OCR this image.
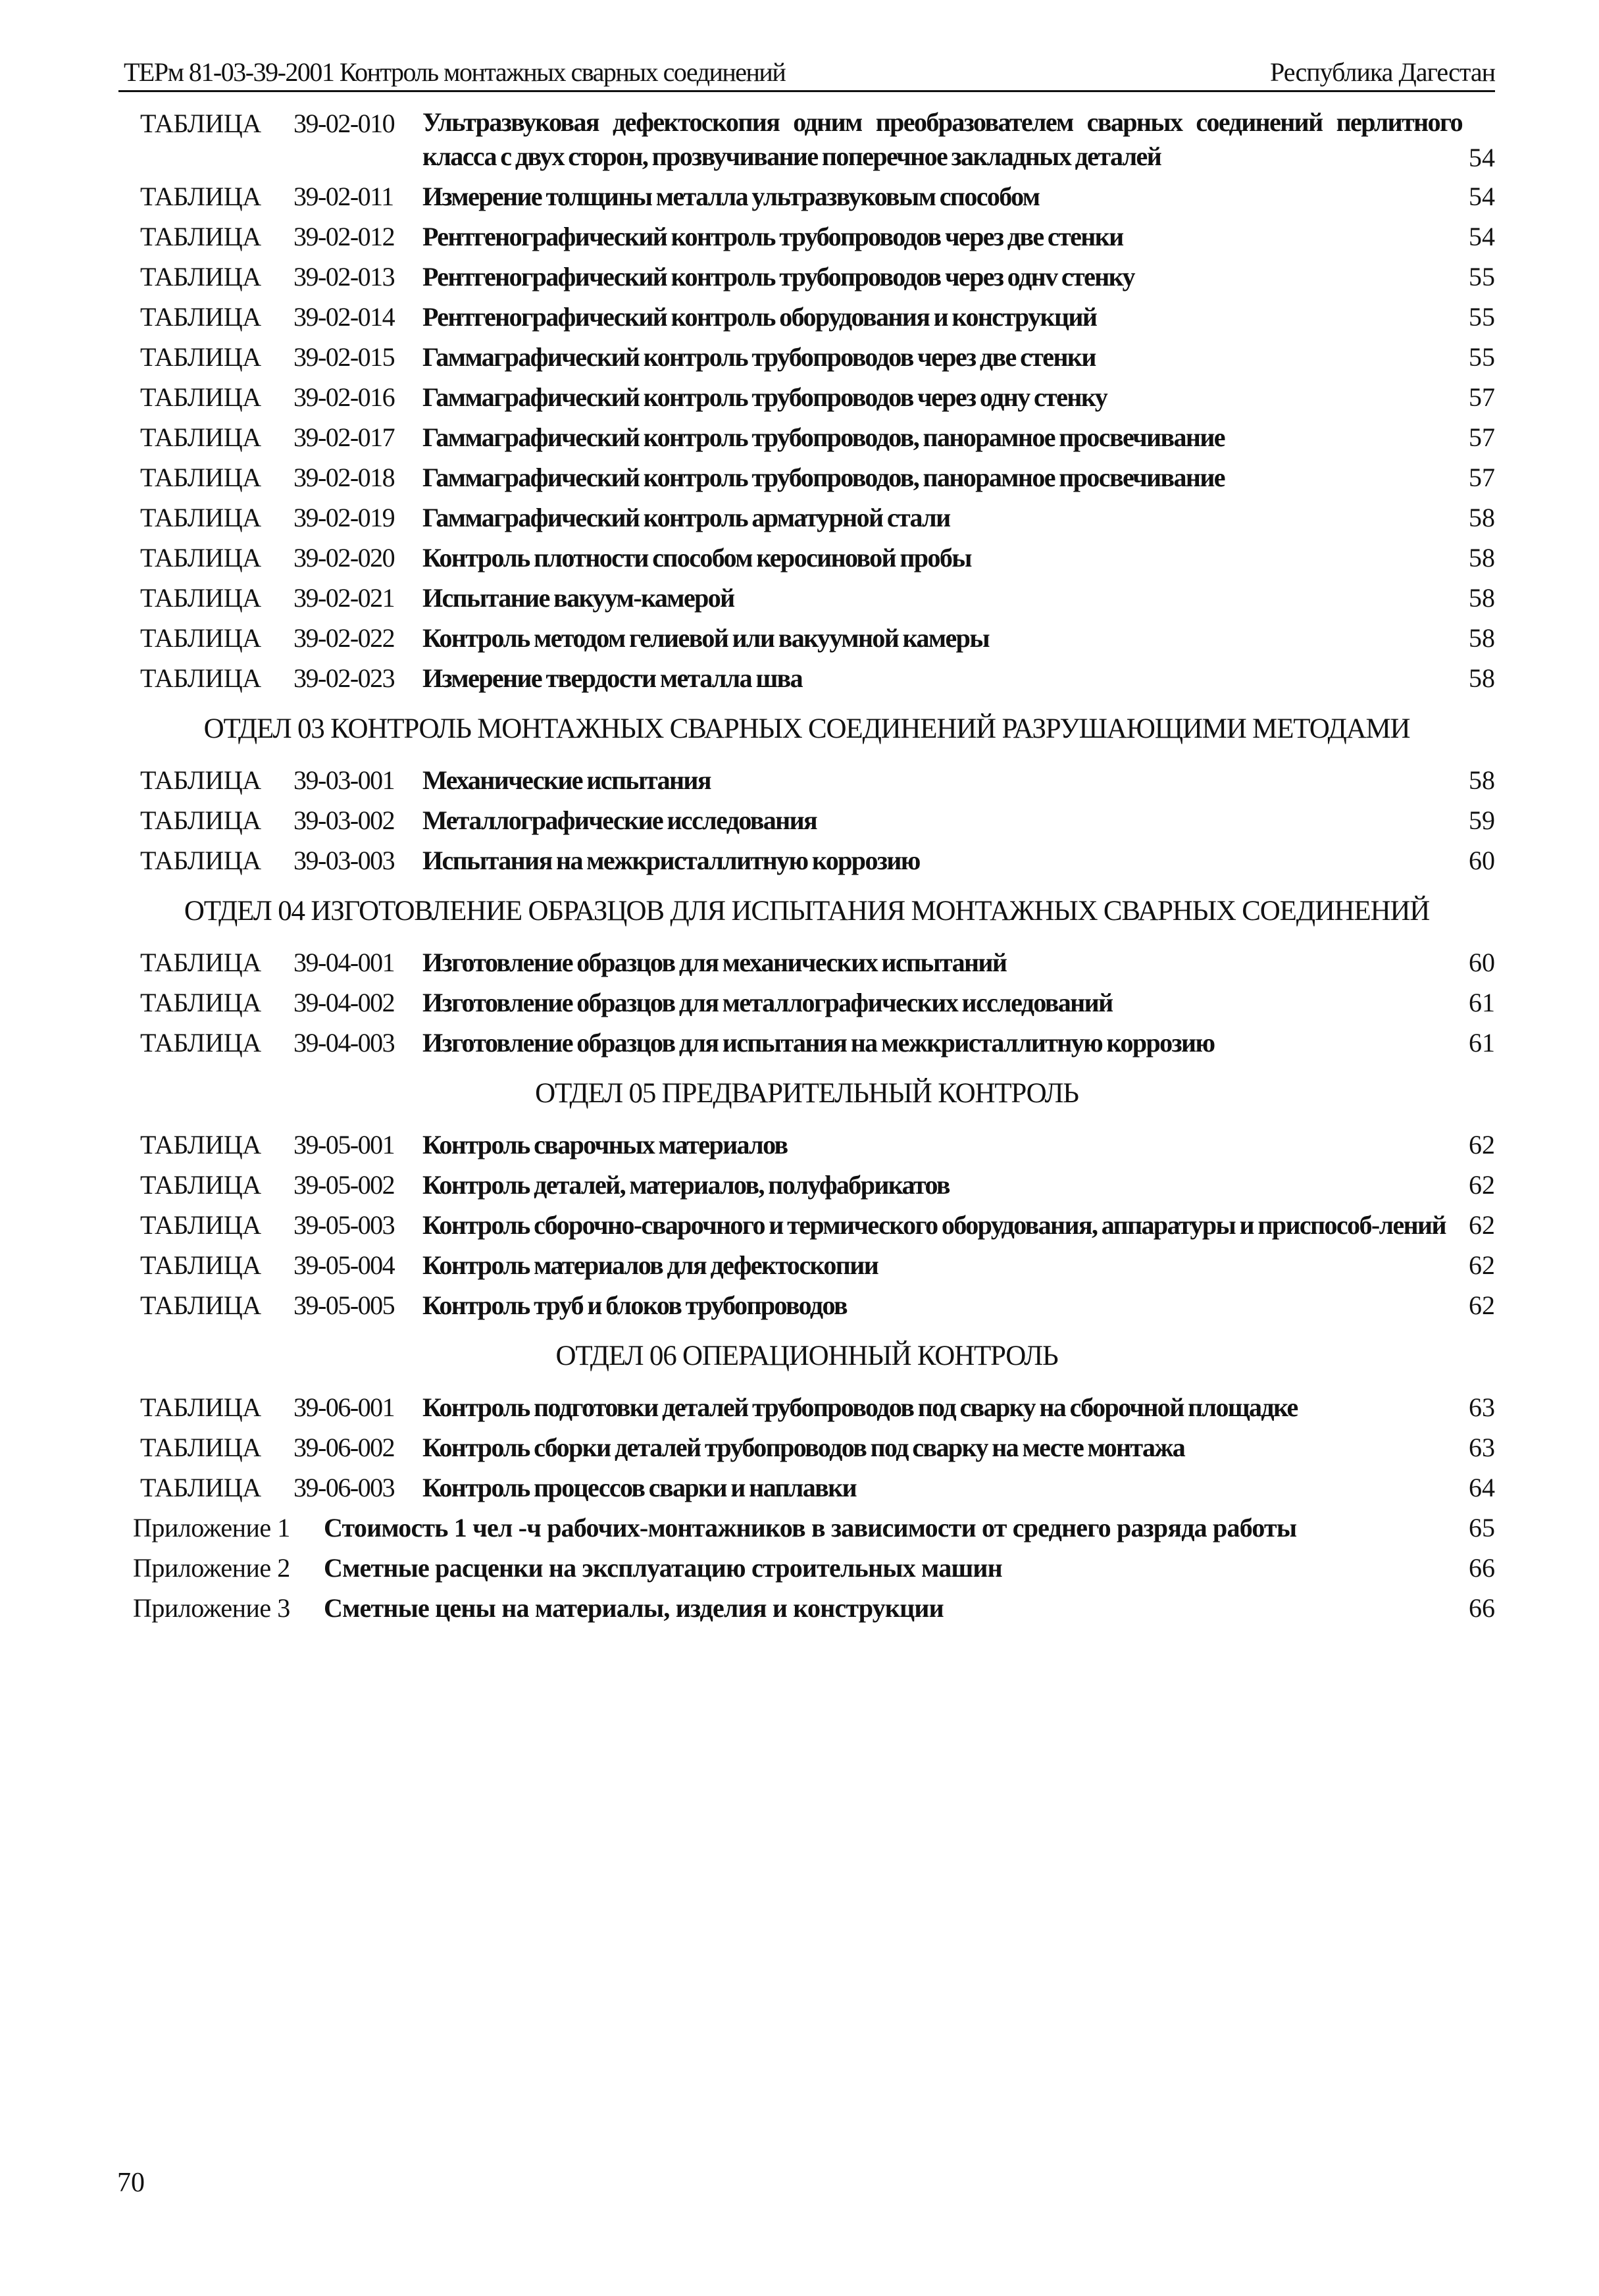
ТЕРм 81-03-39-2001 Контроль монтажных сварных соединений	Республика Дагестан
ТАБЛИЦА	39-02-010	Ультразвуковая дефектоскопия одним преобразователем сварных соединений перлитного класса с двух сторон, прозвучивание поперечное закладных деталей	54
ТАБЛИЦА	39-02-011	Измерение толщины металла ультразвуковым способом	54
ТАБЛИЦА	39-02-012	Рентгенографический контроль трубопроводов через две стенки	54
ТАБЛИЦА	39-02-013	Рентгенографический контроль трубопроводов через однv стенку	55
ТАБЛИЦА	39-02-014	Рентгенографический контроль оборудования и конструкций	55
ТАБЛИЦА	39-02-015	Гаммаграфический контроль трубопроводов через две стенки	55
ТАБЛИЦА	39-02-016	Гаммаграфический контроль трубопроводов через одну стенку	57
ТАБЛИЦА	39-02-017	Гаммаграфический контроль трубопроводов, панорамное просвечивание	57
ТАБЛИЦА	39-02-018	Гаммаграфический контроль трубопроводов, панорамное просвечивание	57
ТАБЛИЦА	39-02-019	Гаммаграфический контроль арматурной стали	58
ТАБЛИЦА	39-02-020	Контроль плотности способом керосиновой пробы	58
ТАБЛИЦА	39-02-021	Испытание вакуум-камерой	58
ТАБЛИЦА	39-02-022	Контроль методом гелиевой или вакуумной камеры	58
ТАБЛИЦА	39-02-023	Измерение твердости металла шва	58
ОТДЕЛ 03 КОНТРОЛЬ МОНТАЖНЫХ СВАРНЫХ СОЕДИНЕНИЙ РАЗРУШАЮЩИМИ МЕТОДАМИ
ТАБЛИЦА	39-03-001	Механические испытания	58
ТАБЛИЦА	39-03-002	Металлографические исследования	59
ТАБЛИЦА	39-03-003	Испытания на межкристаллитную коррозию	60
ОТДЕЛ 04 ИЗГОТОВЛЕНИЕ ОБРАЗЦОВ ДЛЯ ИСПЫТАНИЯ МОНТАЖНЫХ СВАРНЫХ СОЕДИНЕНИЙ
ТАБЛИЦА	39-04-001	Изготовление образцов для механических испытаний	60
ТАБЛИЦА	39-04-002	Изготовление образцов для металлографических исследований	61
ТАБЛИЦА	39-04-003	Изготовление образцов для испытания на межкристаллитную коррозию	61
ОТДЕЛ 05 ПРЕДВАРИТЕЛЬНЫЙ КОНТРОЛЬ
ТАБЛИЦА	39-05-001	Контроль сварочных материалов	62
ТАБЛИЦА	39-05-002	Контроль деталей, материалов, полуфабрикатов	62
ТАБЛИЦА	39-05-003	Контроль сборочно-сварочного и термического оборудования, аппаратуры и приспособ-лений 62
ТАБЛИЦА	39-05-004	Контроль материалов для дефектоскопии	62
ТАБЛИЦА	39-05-005	Контроль труб и блоков трубопроводов	62
ОТДЕЛ 06 ОПЕРАЦИОННЫЙ КОНТРОЛЬ
ТАБЛИЦА	39-06-001	Контроль подготовки деталей трубопроводов под сварку на сборочной площадке	63
ТАБЛИЦА	39-06-002	Контроль сборки деталей трубопроводов под сварку на месте монтажа	63
ТАБЛИЦА	39-06-003	Контроль процессов сварки и наплавки	64
Приложение 1 Стоимость 1 чел -ч рабочих-монтажников в зависимости от среднего разряда работы	65
Приложение 2 Сметные расценки на эксплуатацию строительных машин	66
Приложение 3 Сметные цены на материалы, изделия и конструкции	66
70
